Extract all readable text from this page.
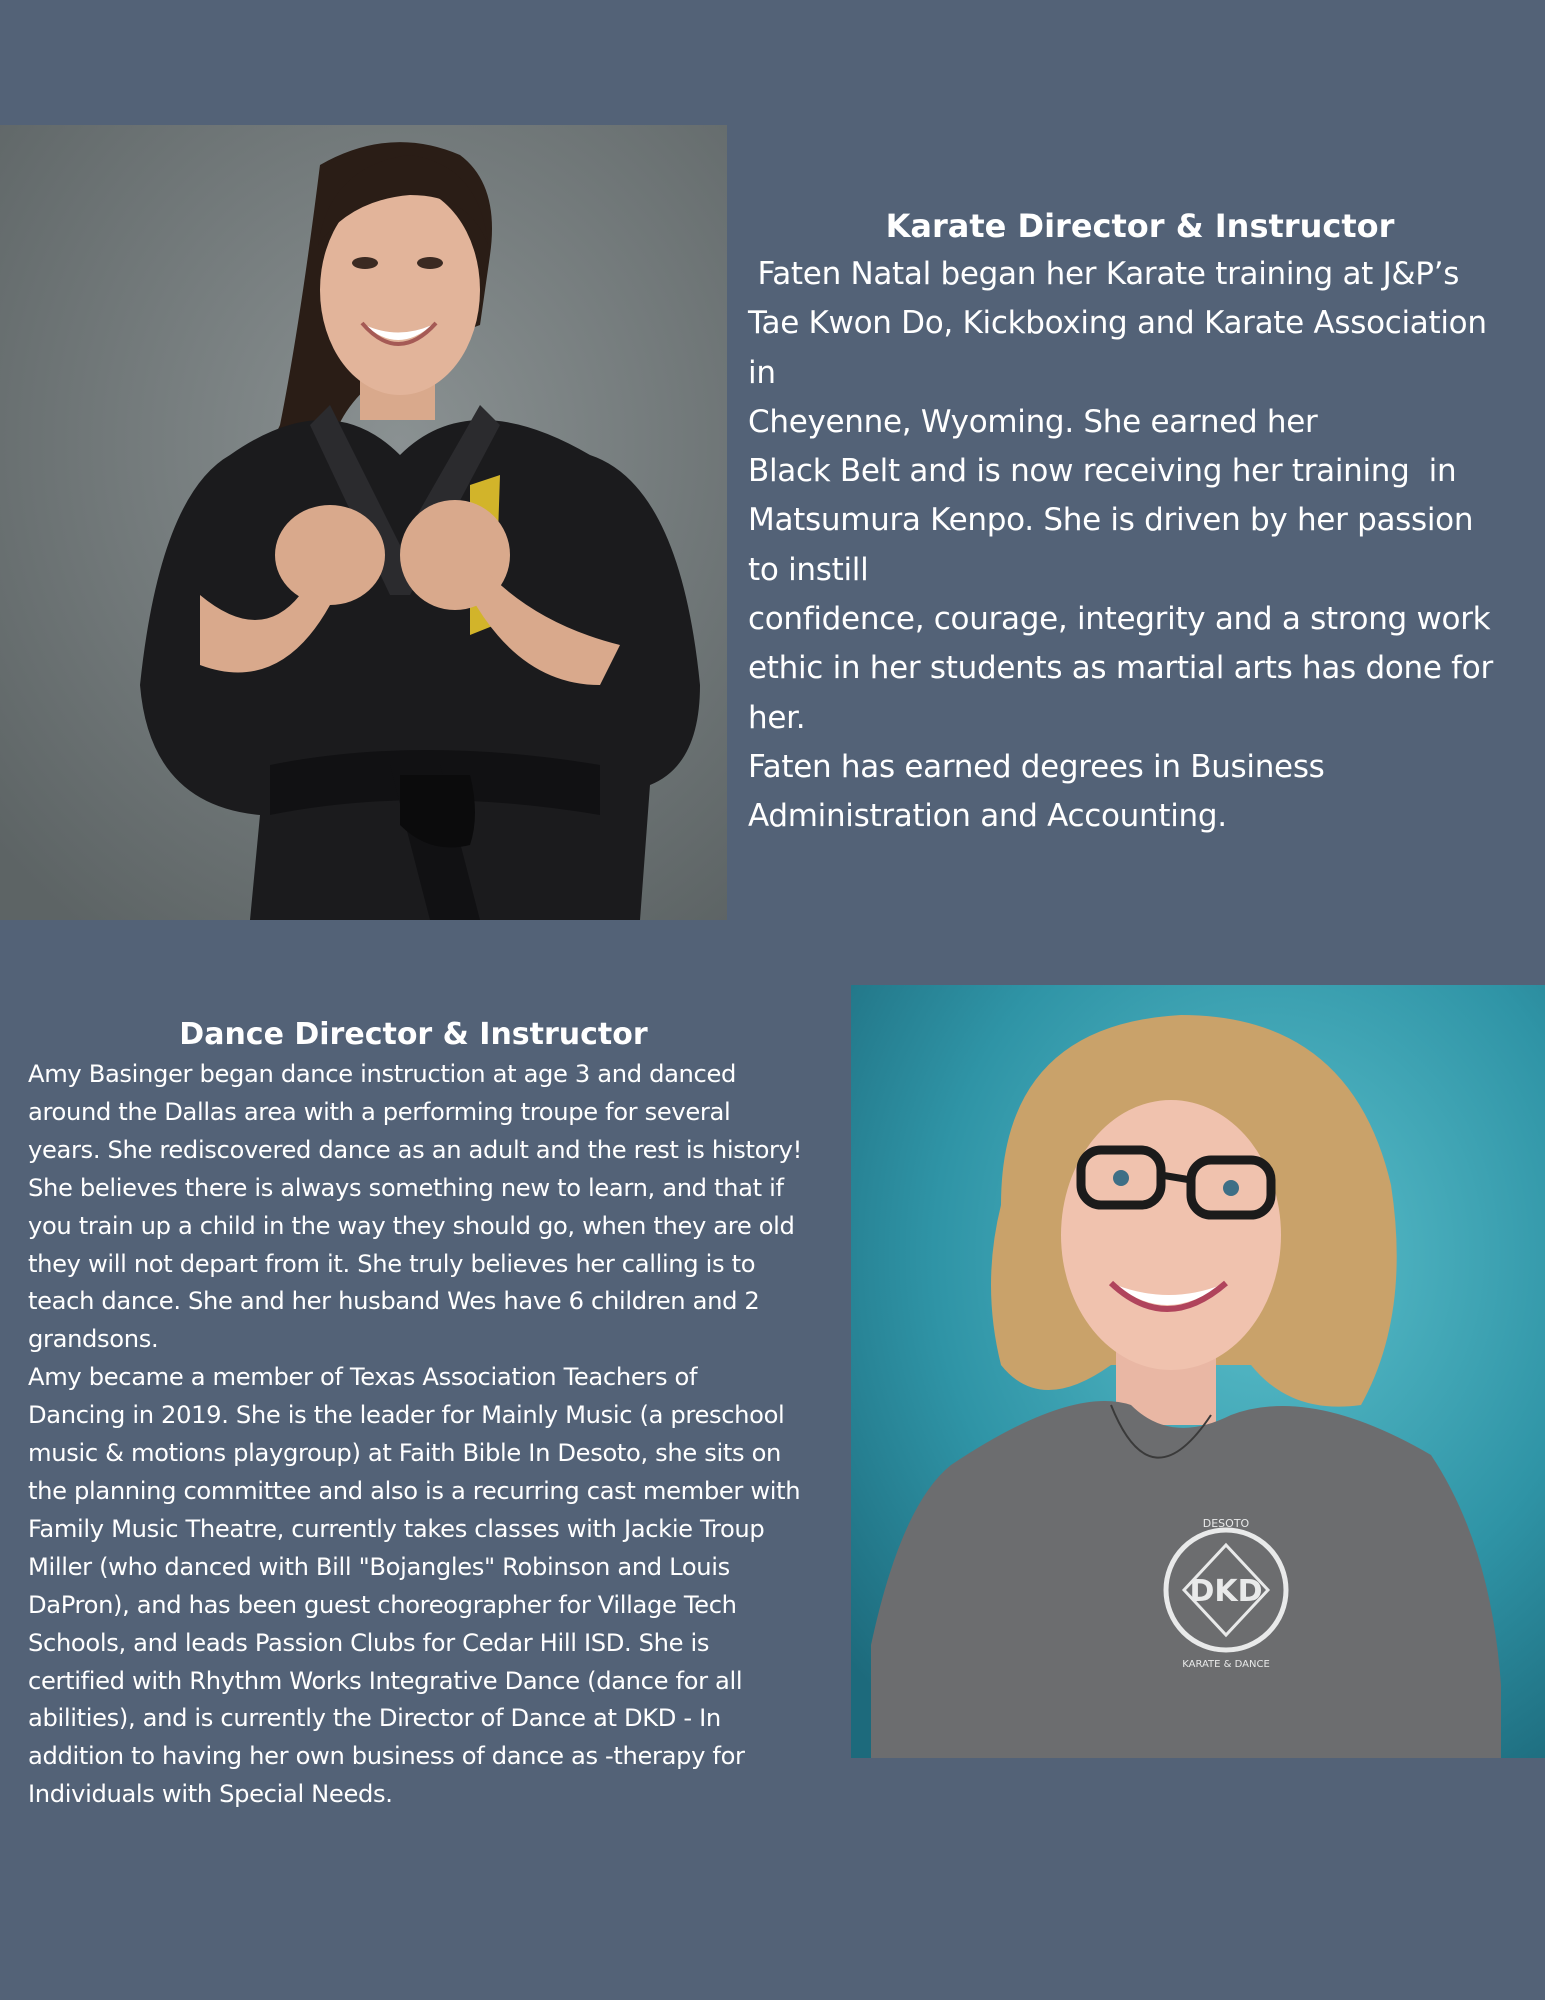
Karate Director & Instructor

Faten Natal began her Karate training at J&P’s

Tae Kwon Do, Kickboxing and Karate Association

in

Cheyenne, Wyoming. She earned her

Black Belt and is now receiving her training  in

Matsumura Kenpo. She is driven by her passion

to instill

confidence, courage, integrity and a strong work

ethic in her students as martial arts has done for

her.

Faten has earned degrees in Business

Administration and Accounting.

Dance Director & Instructor

Amy Basinger began dance instruction at age 3 and danced

around the Dallas area with a performing troupe for several

years. She rediscovered dance as an adult and the rest is history!

She believes there is always something new to learn, and that if

you train up a child in the way they should go, when they are old

they will not depart from it. She truly believes her calling is to

teach dance. She and her husband Wes have 6 children and 2

grandsons.

Amy became a member of Texas Association Teachers of

Dancing in 2019. She is the leader for Mainly Music (a preschool

music & motions playgroup) at Faith Bible In Desoto, she sits on

the planning committee and also is a recurring cast member with

Family Music Theatre, currently takes classes with Jackie Troup

Miller (who danced with Bill "Bojangles" Robinson and Louis

DaPron), and has been guest choreographer for Village Tech

Schools, and leads Passion Clubs for Cedar Hill ISD. She is

certified with Rhythm Works Integrative Dance (dance for all

abilities), and is currently the Director of Dance at DKD - In

addition to having her own business of dance as -therapy for

Individuals with Special Needs.

DKD
DESOTO
KARATE & DANCE
